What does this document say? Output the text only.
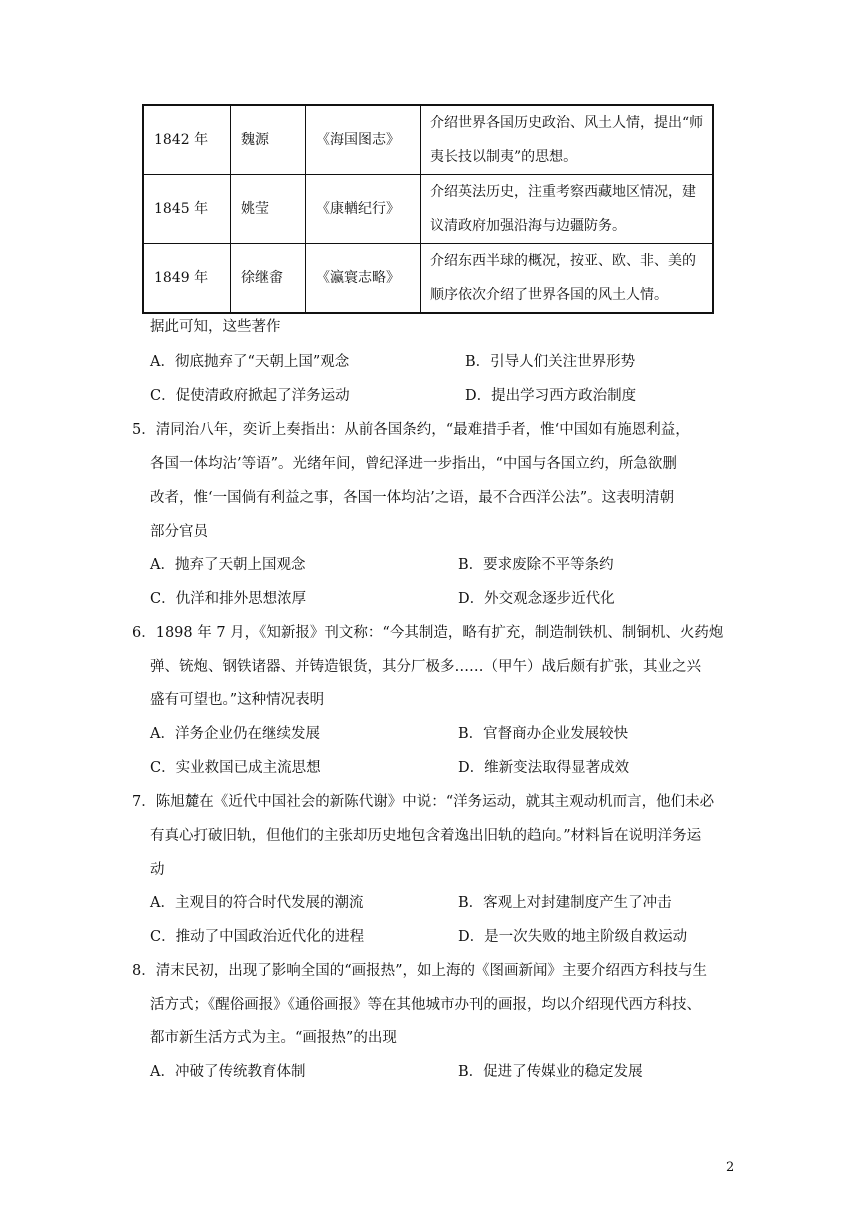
1842 年	魏源	《海国图志》	介绍世界各国历史政治、风土人情，提出“师
夷长技以制夷”的思想。

1845 年	姚莹	《康輶纪行》	介绍英法历史，注重考察西藏地区情况，建
议清政府加强沿海与边疆防务。

1849 年	徐继畬	《瀛寰志略》	介绍东西半球的概况，按亚、欧、非、美的
顺序依次介绍了世界各国的风土人情。
据此可知，这些著作
A．彻底抛弃了“天朝上国”观念	B．引导人们关注世界形势
C．促使清政府掀起了洋务运动	D．提出学习西方政治制度
5．清同治八年，奕䜣上奏指出：从前各国条约，“最难措手者，惟‘中国如有施恩利益，
各国一体均沾’等语”。光绪年间，曾纪泽进一步指出，“中国与各国立约，所急欲删
改者，惟‘一国倘有利益之事，各国一体均沾’之语，最不合西洋公法”。这表明清朝
部分官员
A．抛弃了天朝上国观念	B．要求废除不平等条约
C．仇洋和排外思想浓厚	D．外交观念逐步近代化
6．1898 年 7 月，《知新报》刊文称：“今其制造，略有扩充，制造制铁机、制铜机、火药炮
弹、铳炮、钢铁诸器、并铸造银货，其分厂极多……（甲午）战后颇有扩张，其业之兴
盛有可望也。”这种情况表明
A．洋务企业仍在继续发展	B．官督商办企业发展较快
C．实业救国已成主流思想	D．维新变法取得显著成效
7．陈旭麓在《近代中国社会的新陈代谢》中说：“洋务运动，就其主观动机而言，他们未必
有真心打破旧轨，但他们的主张却历史地包含着逸出旧轨的趋向。”材料旨在说明洋务运
动
A．主观目的符合时代发展的潮流	B．客观上对封建制度产生了冲击
C．推动了中国政治近代化的进程	D．是一次失败的地主阶级自救运动
8．清末民初，出现了影响全国的“画报热”，如上海的《图画新闻》主要介绍西方科技与生
活方式；《醒俗画报》《通俗画报》等在其他城市办刊的画报，均以介绍现代西方科技、
都市新生活方式为主。“画报热”的出现
A．冲破了传统教育体制	B．促进了传媒业的稳定发展
2
